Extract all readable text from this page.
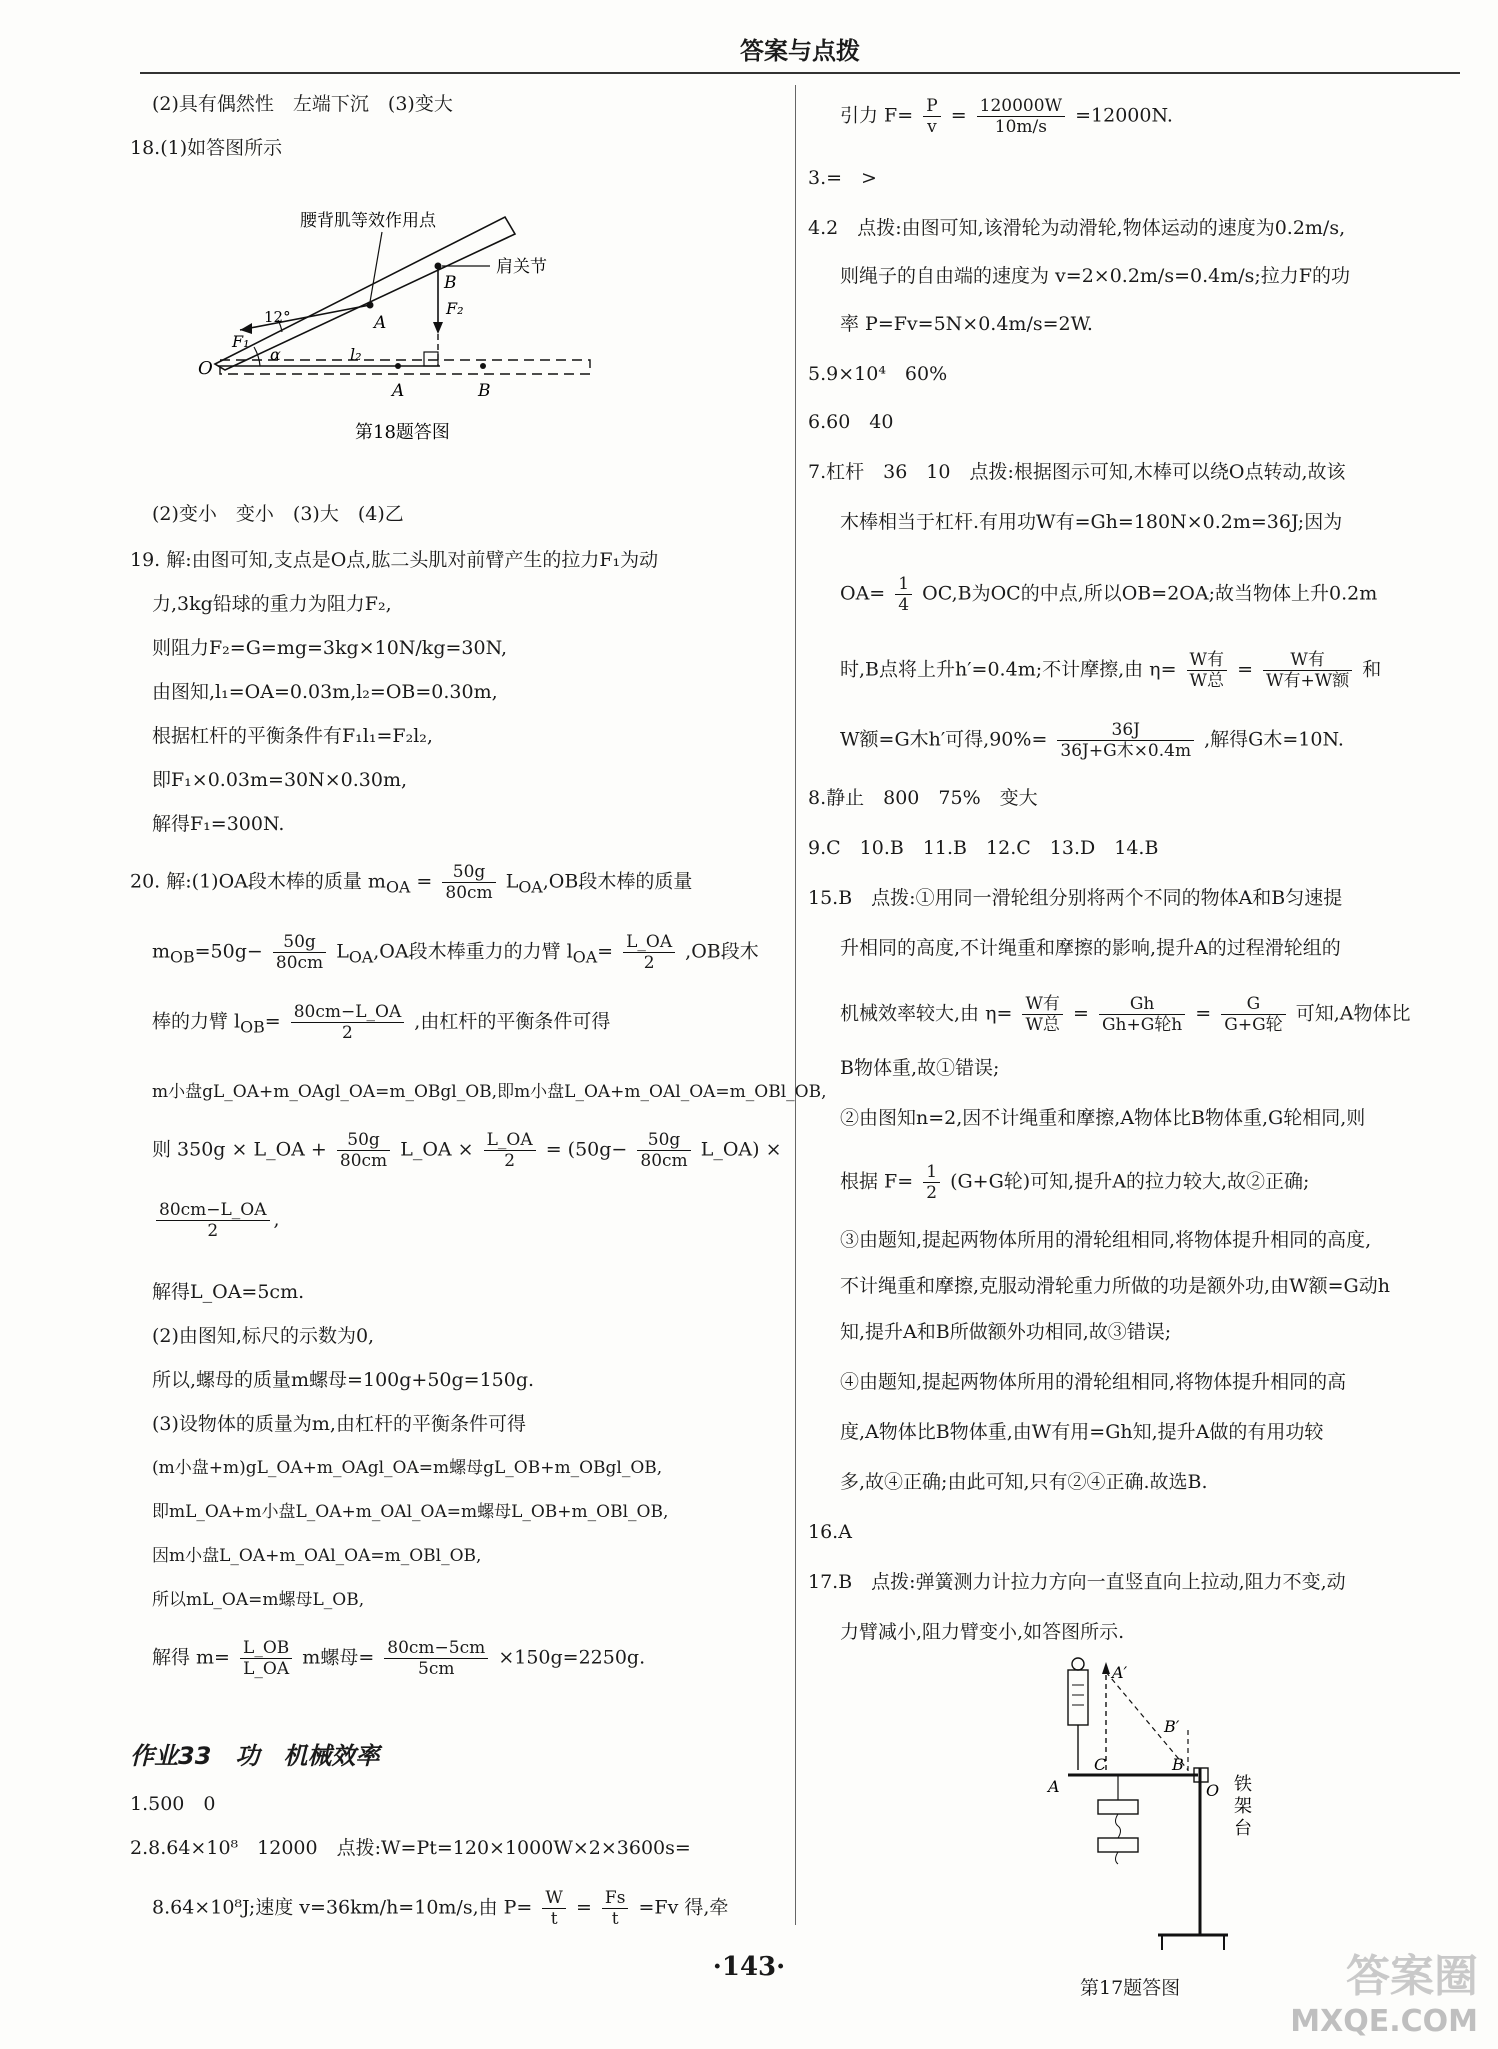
答案与点拨
(2)具有偶然性　左端下沉　(3)变大
18.(1)如答图所示
腰背肌等效作用点
肩关节
O
A
B
F₁
F₂
12°
α	l₂
A	B
第18题答图
(2)变小　变小　(3)大　(4)乙
19. 解:由图可知,支点是O点,肱二头肌对前臂产生的拉力F₁为动
力,3kg铅球的重力为阻力F₂,
则阻力F₂=G=mg=3kg×10N/kg=30N,
由图知,l₁=OA=0.03m,l₂=OB=0.30m,
根据杠杆的平衡条件有F₁l₁=F₂l₂,
即F₁×0.03m=30N×0.30m,
解得F₁=300N.
20. 解:(1)OA段木棒的质量 $m_{OA} = \frac{50g}{80cm} L_{OA},OB$段木棒的质量
$m_{OB}=50g- \frac{50g}{80cm} L_{OA},OA$段木棒重力的力臂 $l_{OA}= \frac{L\_OA}{2} ,OB$段木
棒的力臂 $l_{OB}= \frac{80cm-L\_OA}{2}$ ,由杠杆的平衡条件可得
m小盘gL_OA+m_OAgl_OA=m_OBgl_OB,即m小盘L_OA+m_OAl_OA=m_OBl_OB,
则 350g × L_OA + $\frac{50g}{80cm}$ L_OA × $\frac{L\_OA}{2} = (50g- \frac{50g}{80cm}$ L_OA) ×
$\frac{80cm-L\_OA}{2}$ ,
解得L_OA=5cm.
(2)由图知,标尺的示数为0,
所以,螺母的质量m螺母=100g+50g=150g.
(3)设物体的质量为m,由杠杆的平衡条件可得
(m小盘+m)gL_OA+m_OAgl_OA=m螺母gL_OB+m_OBgl_OB,
即mL_OA+m小盘L_OA+m_OAl_OA=m螺母L_OB+m_OBl_OB,
因m小盘L_OA+m_OAl_OA=m_OBl_OB,
所以mL_OA=m螺母L_OB,
解得 $m= \frac{L\_OB}{L\_OA}$ m螺母= $\frac{80cm-5cm}{5cm} \times 150g=2250g$.
作业33　功　机械效率
1.500　0
2.8.64×10⁸　12000　点拨:W=Pt=120×1000W×2×3600s=
8.64×10⁸J;速度 v=36km/h=10m/s,由 $P= \frac{W}{t} = \frac{Fs}{t} =Fv$ 得,牵
引力 $F= \frac{P}{v} = \frac{120000W}{10m/s} =12000N$.
3.=　>
4.2　点拨:由图可知,该滑轮为动滑轮,物体运动的速度为0.2m/s,
则绳子的自由端的速度为 v=2×0.2m/s=0.4m/s;拉力F的功
率 P=Fv=5N×0.4m/s=2W.
5.9×10⁴　60%
6.60　40
7.杠杆　36　10　点拨:根据图示可知,木棒可以绕O点转动,故该
木棒相当于杠杆.有用功W有=Gh=180N×0.2m=36J;因为
$OA= \frac{1}{4} OC,B$为OC的中点,所以OB=2OA;故当物体上升0.2m
时,B点将上升h′=0.4m;不计摩擦,由 $\eta= \frac{\text{W有}}{\text{W总}} = \frac{\text{W有}}{\text{W有+W额}}$ 和
W额=G木h′可得$,90\%= \frac{36J}{\text{36J+G木×0.4m}}$ ,解得G木=10N.
8.静止　800　75%　变大
9.C　10.B　11.B　12.C　13.D　14.B
15.B　点拨:①用同一滑轮组分别将两个不同的物体A和B匀速提
升相同的高度,不计绳重和摩擦的影响,提升A的过程滑轮组的
机械效率较大,由 $\eta= \frac{\text{W有}}{\text{W总}} = \frac{Gh}{\text{Gh+G轮h}} = \frac{G}{\text{G+G轮}}$ 可知,A物体比
B物体重,故①错误;
②由图知n=2,因不计绳重和摩擦,A物体比B物体重,G轮相同,则
根据 $F= \frac{1}{2} (G+G$轮)可知,提升A的拉力较大,故②正确;
③由题知,提起两物体所用的滑轮组相同,将物体提升相同的高度,
不计绳重和摩擦,克服动滑轮重力所做的功是额外功,由W额=G动h
知,提升A和B所做额外功相同,故③错误;
④由题知,提起两物体所用的滑轮组相同,将物体提升相同的高
度,A物体比B物体重,由W有用=Gh知,提升A做的有用功较
多,故④正确;由此可知,只有②④正确.故选B.
16.A
17.B　点拨:弹簧测力计拉力方向一直竖直向上拉动,阻力不变,动
力臂减小,阻力臂变小,如答图所示.
A′
B′
A
C	B
O 铁
架
台
第17题答图
·143·	答案圈
MXQE.COM
